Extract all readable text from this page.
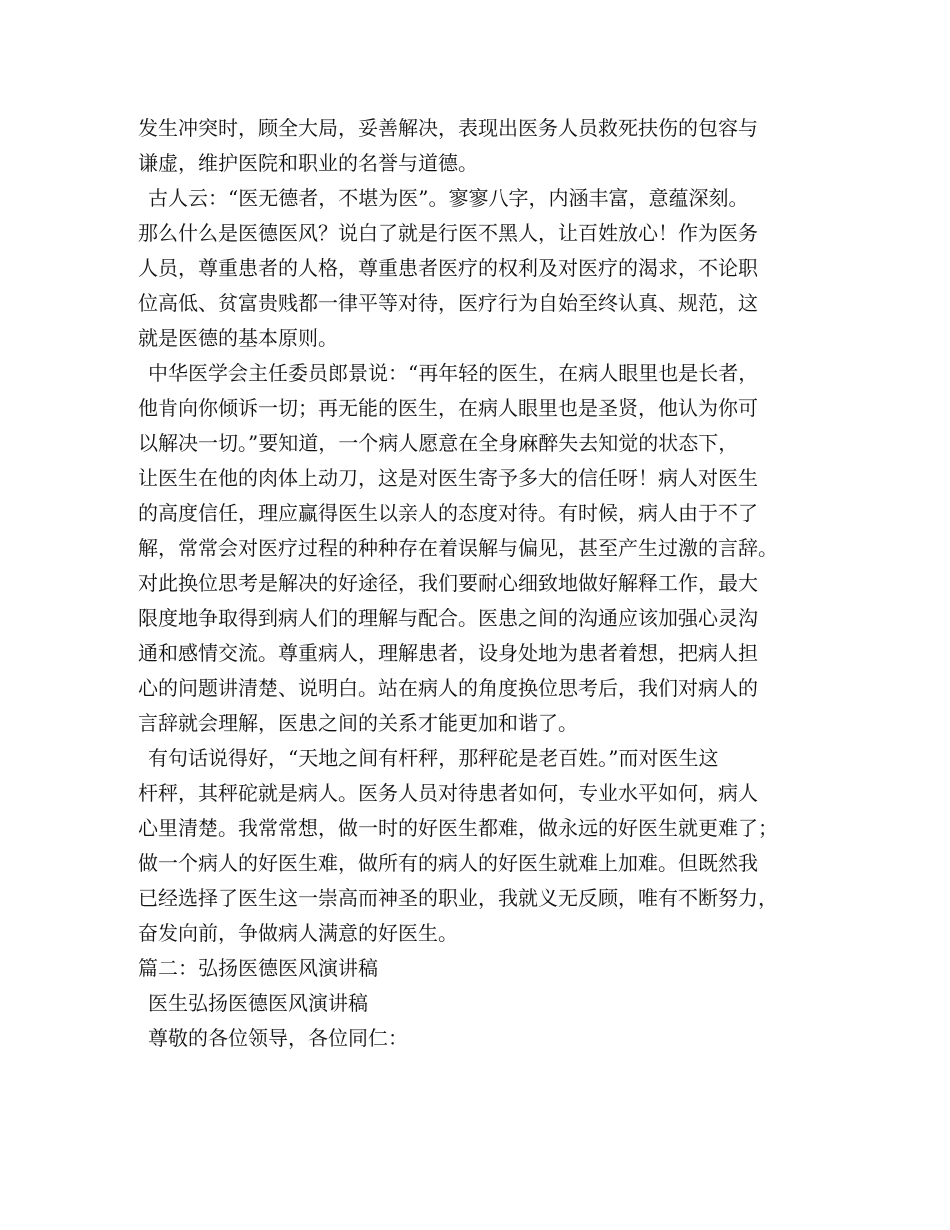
发生冲突时，顾全大局，妥善解决，表现出医务人员救死扶伤的包容与
谦虚，维护医院和职业的名誉与道德。
古人云：“医无德者，不堪为医”。寥寥八字，内涵丰富，意蕴深刻。
那么什么是医德医风？说白了就是行医不黑人，让百姓放心！作为医务
人员，尊重患者的人格，尊重患者医疗的权利及对医疗的渴求，不论职
位高低、贫富贵贱都一律平等对待，医疗行为自始至终认真、规范，这
就是医德的基本原则。
中华医学会主任委员郎景说：“再年轻的医生，在病人眼里也是长者，
他肯向你倾诉一切；再无能的医生，在病人眼里也是圣贤，他认为你可
以解决一切。”要知道，一个病人愿意在全身麻醉失去知觉的状态下，
让医生在他的肉体上动刀，这是对医生寄予多大的信任呀！病人对医生
的高度信任，理应赢得医生以亲人的态度对待。有时候，病人由于不了
解，常常会对医疗过程的种种存在着误解与偏见，甚至产生过激的言辞。
对此换位思考是解决的好途径，我们要耐心细致地做好解释工作，最大
限度地争取得到病人们的理解与配合。医患之间的沟通应该加强心灵沟
通和感情交流。尊重病人，理解患者，设身处地为患者着想，把病人担
心的问题讲清楚、说明白。站在病人的角度换位思考后，我们对病人的
言辞就会理解，医患之间的关系才能更加和谐了。
有句话说得好，“天地之间有杆秤，那秤砣是老百姓。”而对医生这
杆秤，其秤砣就是病人。医务人员对待患者如何，专业水平如何，病人
心里清楚。我常常想，做一时的好医生都难，做永远的好医生就更难了；
做一个病人的好医生难，做所有的病人的好医生就难上加难。但既然我
已经选择了医生这一崇高而神圣的职业，我就义无反顾，唯有不断努力，
奋发向前，争做病人满意的好医生。
篇二：弘扬医德医风演讲稿
医生弘扬医德医风演讲稿
尊敬的各位领导，各位同仁：
